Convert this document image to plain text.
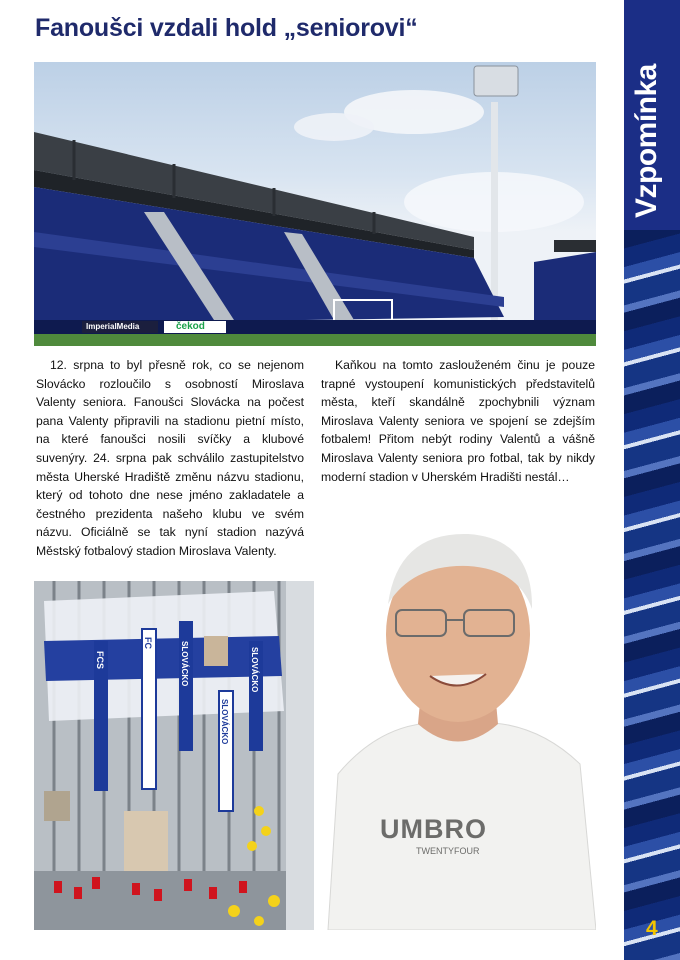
Fanoušci vzdali hold „seniorovi“
ImperialMedia	čekod

12. srpna to byl přesně rok, co se nejenom Slovácko rozloučilo s osobností Miroslava Valenty seniora. Fanoušci Slovácka na počest pana Valenty připravili na stadionu pietní místo, na které fanoušci nosili svíčky a klubové suvenýry. 24. srpna pak schválilo zastupitelstvo města Uherské Hradiště změnu názvu stadionu, který od tohoto dne nese jméno zakladatele a čestného prezidenta našeho klubu ve svém názvu. Oficiálně se tak nyní stadion nazývá Městský fotbalový stadion Miroslava Valenty.

Kaňkou na tomto zaslouženém činu je pouze trapné vystoupení komunistických představitelů města, kteří skandálně zpochybnili význam Miroslava Valenty seniora ve spojení se zdejším fotbalem! Přitom nebýt rodiny Valentů a vášně Miroslava Valenty seniora pro fotbal, tak by nikdy moderní stadion v Uherském Hradišti nestál…

FCS
FC	SLOVÁCKO
SLOVÁCKO
SLOVÁCKO
UMBRO
TWENTYFOUR
Vzpomínka
4
